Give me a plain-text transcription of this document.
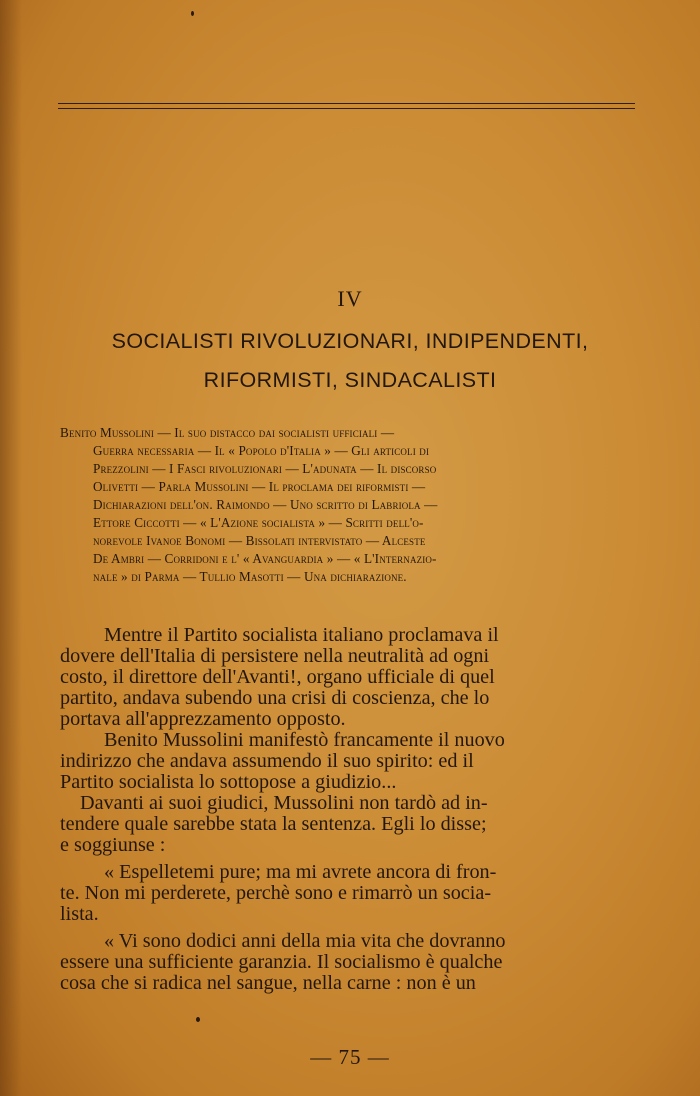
IV
SOCIALISTI RIVOLUZIONARI, INDIPENDENTI,
RIFORMISTI, SINDACALISTI
Benito Mussolini — Il suo distacco dai socialisti ufficiali —
Guerra necessaria — Il « Popolo d'Italia » — Gli articoli di
Prezzolini — I Fasci rivoluzionari — L'adunata — Il discorso
Olivetti — Parla Mussolini — Il proclama dei riformisti —
Dichiarazioni dell'on. Raimondo — Uno scritto di Labriola —
Ettore Ciccotti — « L'Azione socialista » — Scritti dell'o-
norevole Ivanoe Bonomi — Bissolati intervistato — Alceste
De Ambri — Corridoni e l' « Avanguardia » — « L'Internazio-
nale » di Parma — Tullio Masotti — Una dichiarazione.
Mentre il Partito socialista italiano proclamava il
dovere dell'Italia di persistere nella neutralità ad ogni
costo, il direttore dell'Avanti!, organo ufficiale di quel
partito, andava subendo una crisi di coscienza, che lo
portava all'apprezzamento opposto.
Benito Mussolini manifestò francamente il nuovo
indirizzo che andava assumendo il suo spirito: ed il
Partito socialista lo sottopose a giudizio...
Davanti ai suoi giudici, Mussolini non tardò ad in-
tendere quale sarebbe stata la sentenza. Egli lo disse;
e soggiunse :
« Espelletemi pure; ma mi avrete ancora di fron-
te. Non mi perderete, perchè sono e rimarrò un socia-
lista.
« Vi sono dodici anni della mia vita che dovranno
essere una sufficiente garanzia. Il socialismo è qualche
cosa che si radica nel sangue, nella carne : non è un
— 75 —
